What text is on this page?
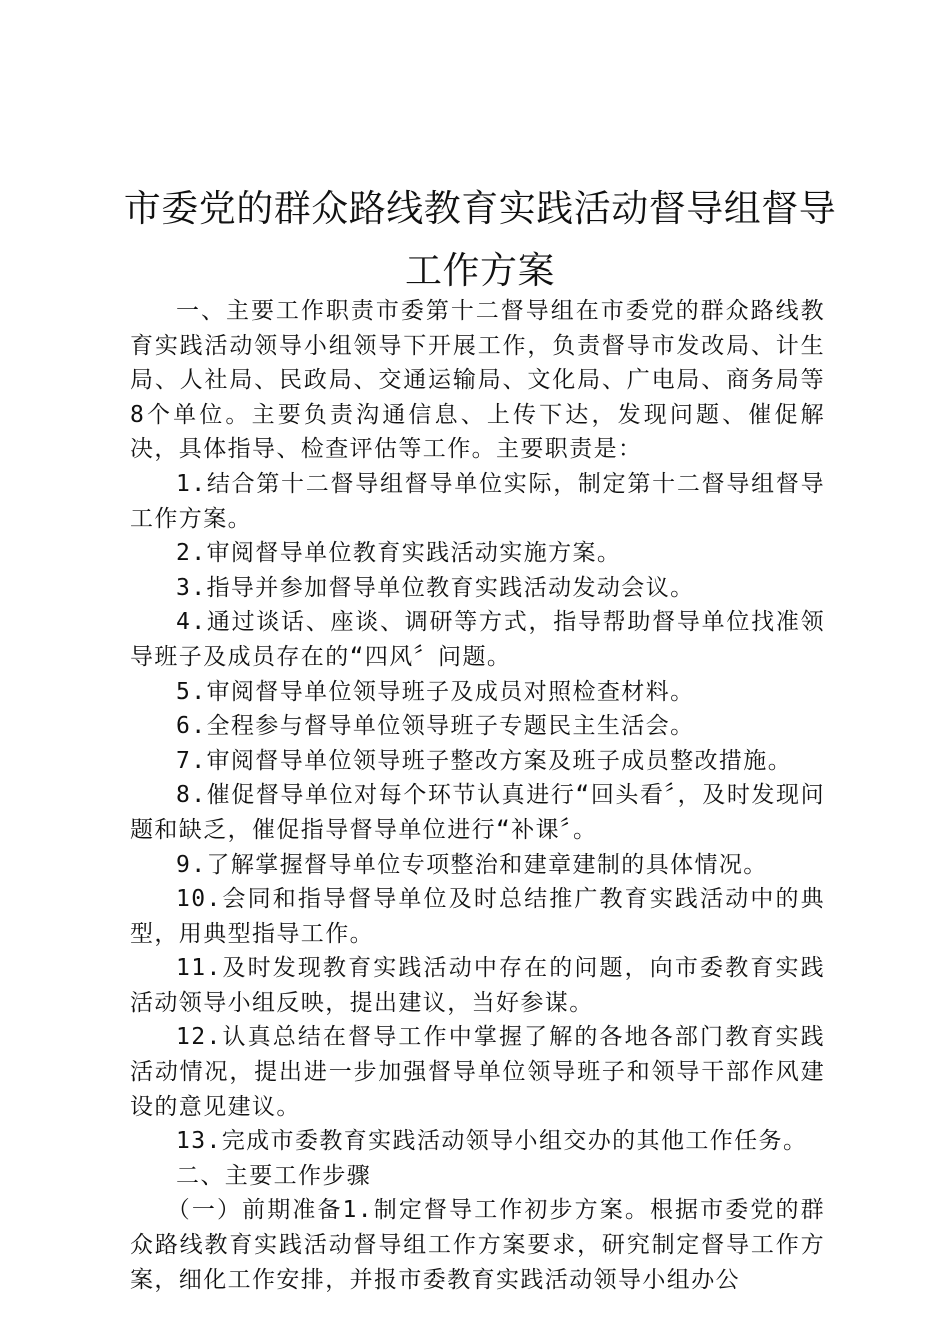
市委党的群众路线教育实践活动督导组督导工作方案

一、主要工作职责市委第十二督导组在市委党的群众路线教育实践活动领导小组领导下开展工作，负责督导市发改局、计生局、人社局、民政局、交通运输局、文化局、广电局、商务局等8个单位。主要负责沟通信息、上传下达，发现问题、催促解决，具体指导、检查评估等工作。主要职责是：

1.结合第十二督导组督导单位实际，制定第十二督导组督导工作方案。

2.审阅督导单位教育实践活动实施方案。

3.指导并参加督导单位教育实践活动发动会议。

4.通过谈话、座谈、调研等方式，指导帮助督导单位找准领导班子及成员存在的“四风〞问题。

5.审阅督导单位领导班子及成员对照检查材料。

6.全程参与督导单位领导班子专题民主生活会。

7.审阅督导单位领导班子整改方案及班子成员整改措施。

8.催促督导单位对每个环节认真进行“回头看〞，及时发现问题和缺乏，催促指导督导单位进行“补课〞。

9.了解掌握督导单位专项整治和建章建制的具体情况。

10.会同和指导督导单位及时总结推广教育实践活动中的典型，用典型指导工作。

11.及时发现教育实践活动中存在的问题，向市委教育实践活动领导小组反映，提出建议，当好参谋。

12.认真总结在督导工作中掌握了解的各地各部门教育实践活动情况，提出进一步加强督导单位领导班子和领导干部作风建设的意见建议。

13.完成市委教育实践活动领导小组交办的其他工作任务。

二、主要工作步骤

（一）前期准备1.制定督导工作初步方案。根据市委党的群众路线教育实践活动督导组工作方案要求，研究制定督导工作方案，细化工作安排，并报市委教育实践活动领导小组办公
